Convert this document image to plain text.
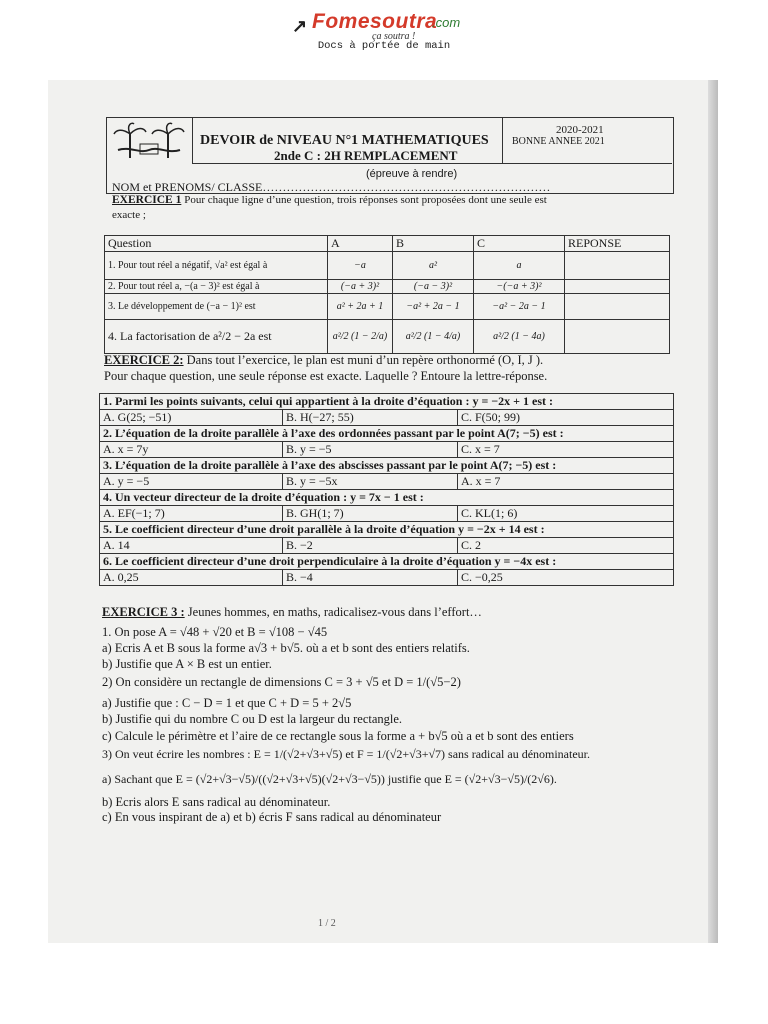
↗ Fomesoutra
.com
ça soutra !
Docs à portée de main
DEVOIR de NIVEAU N°1 MATHEMATIQUES
2nde C : 2H REMPLACEMENT
2020-2021
BONNE ANNEE 2021
(épreuve à rendre)
NOM et PRENOMS/ CLASSE………………………………………………………………
EXERCICE 1 Pour chaque ligne d’une question, trois réponses sont proposées dont une seule est
exacte ;
Question	A	B	C	REPONSE
1. Pour tout réel a négatif, √a² est égal à	−a	a²	a	
2. Pour tout réel a, −(a − 3)² est égal à	(−a + 3)²	(−a − 3)²	−(−a + 3)²	
3. Le développement de (−a − 1)² est	a² + 2a + 1	−a² + 2a − 1	−a² − 2a − 1	
4. La factorisation de a²/2 − 2a est	a²/2 (1 − 2/a)	a²/2 (1 − 4/a)	a²/2 (1 − 4a)	
EXERCICE 2: Dans tout l’exercice, le plan est muni d’un repère orthonormé (O, I, J ).
Pour chaque question, une seule réponse est exacte. Laquelle ? Entoure la lettre-réponse.
1. Parmi les points suivants, celui qui appartient à la droite d’équation : y = −2x + 1 est :		
A. G(25; −51)	B. H(−27; 55)	C. F(50; 99)
2. L’équation de la droite parallèle à l’axe des ordonnées passant par le point A(7; −5) est :		
A. x = 7y	B. y = −5	C. x = 7
3. L’équation de la droite parallèle à l’axe des abscisses passant par le point A(7; −5) est :		
A. y = −5	B. y = −5x	A. x = 7
4. Un vecteur directeur de la droite d’équation : y = 7x − 1 est :		
A. EF(−1; 7)	B. GH(1; 7)	C. KL(1; 6)
5. Le coefficient directeur d’une droit parallèle à la droite d’équation y = −2x + 14 est :		
A. 14	B. −2	C. 2
6. Le coefficient directeur d’une droit perpendiculaire à la droite d’équation y = −4x est :		
A. 0,25	B. −4	C. −0,25
EXERCICE 3 : Jeunes hommes, en maths, radicalisez-vous dans l’effort…
1. On pose A = √48 + √20 et B = √108 − √45
a) Ecris A et B sous la forme a√3 + b√5. où a et b sont des entiers relatifs.
b) Justifie que A × B est un entier.
2) On considère un rectangle de dimensions C = 3 + √5 et D = 1/(√5−2)
a) Justifie que : C − D = 1 et que C + D = 5 + 2√5
b) Justifie qui du nombre C ou D est la largeur du rectangle.
c) Calcule le périmètre et l’aire de ce rectangle sous la forme a + b√5 où a et b sont des entiers
3) On veut écrire les nombres : E = 1/(√2+√3+√5) et F = 1/(√2+√3+√7) sans radical au dénominateur.
a) Sachant que E = (√2+√3−√5)/((√2+√3+√5)(√2+√3−√5)) justifie que E = (√2+√3−√5)/(2√6).
b) Ecris alors E sans radical au dénominateur.
c) En vous inspirant de a) et b) écris F sans radical au dénominateur
1 / 2
